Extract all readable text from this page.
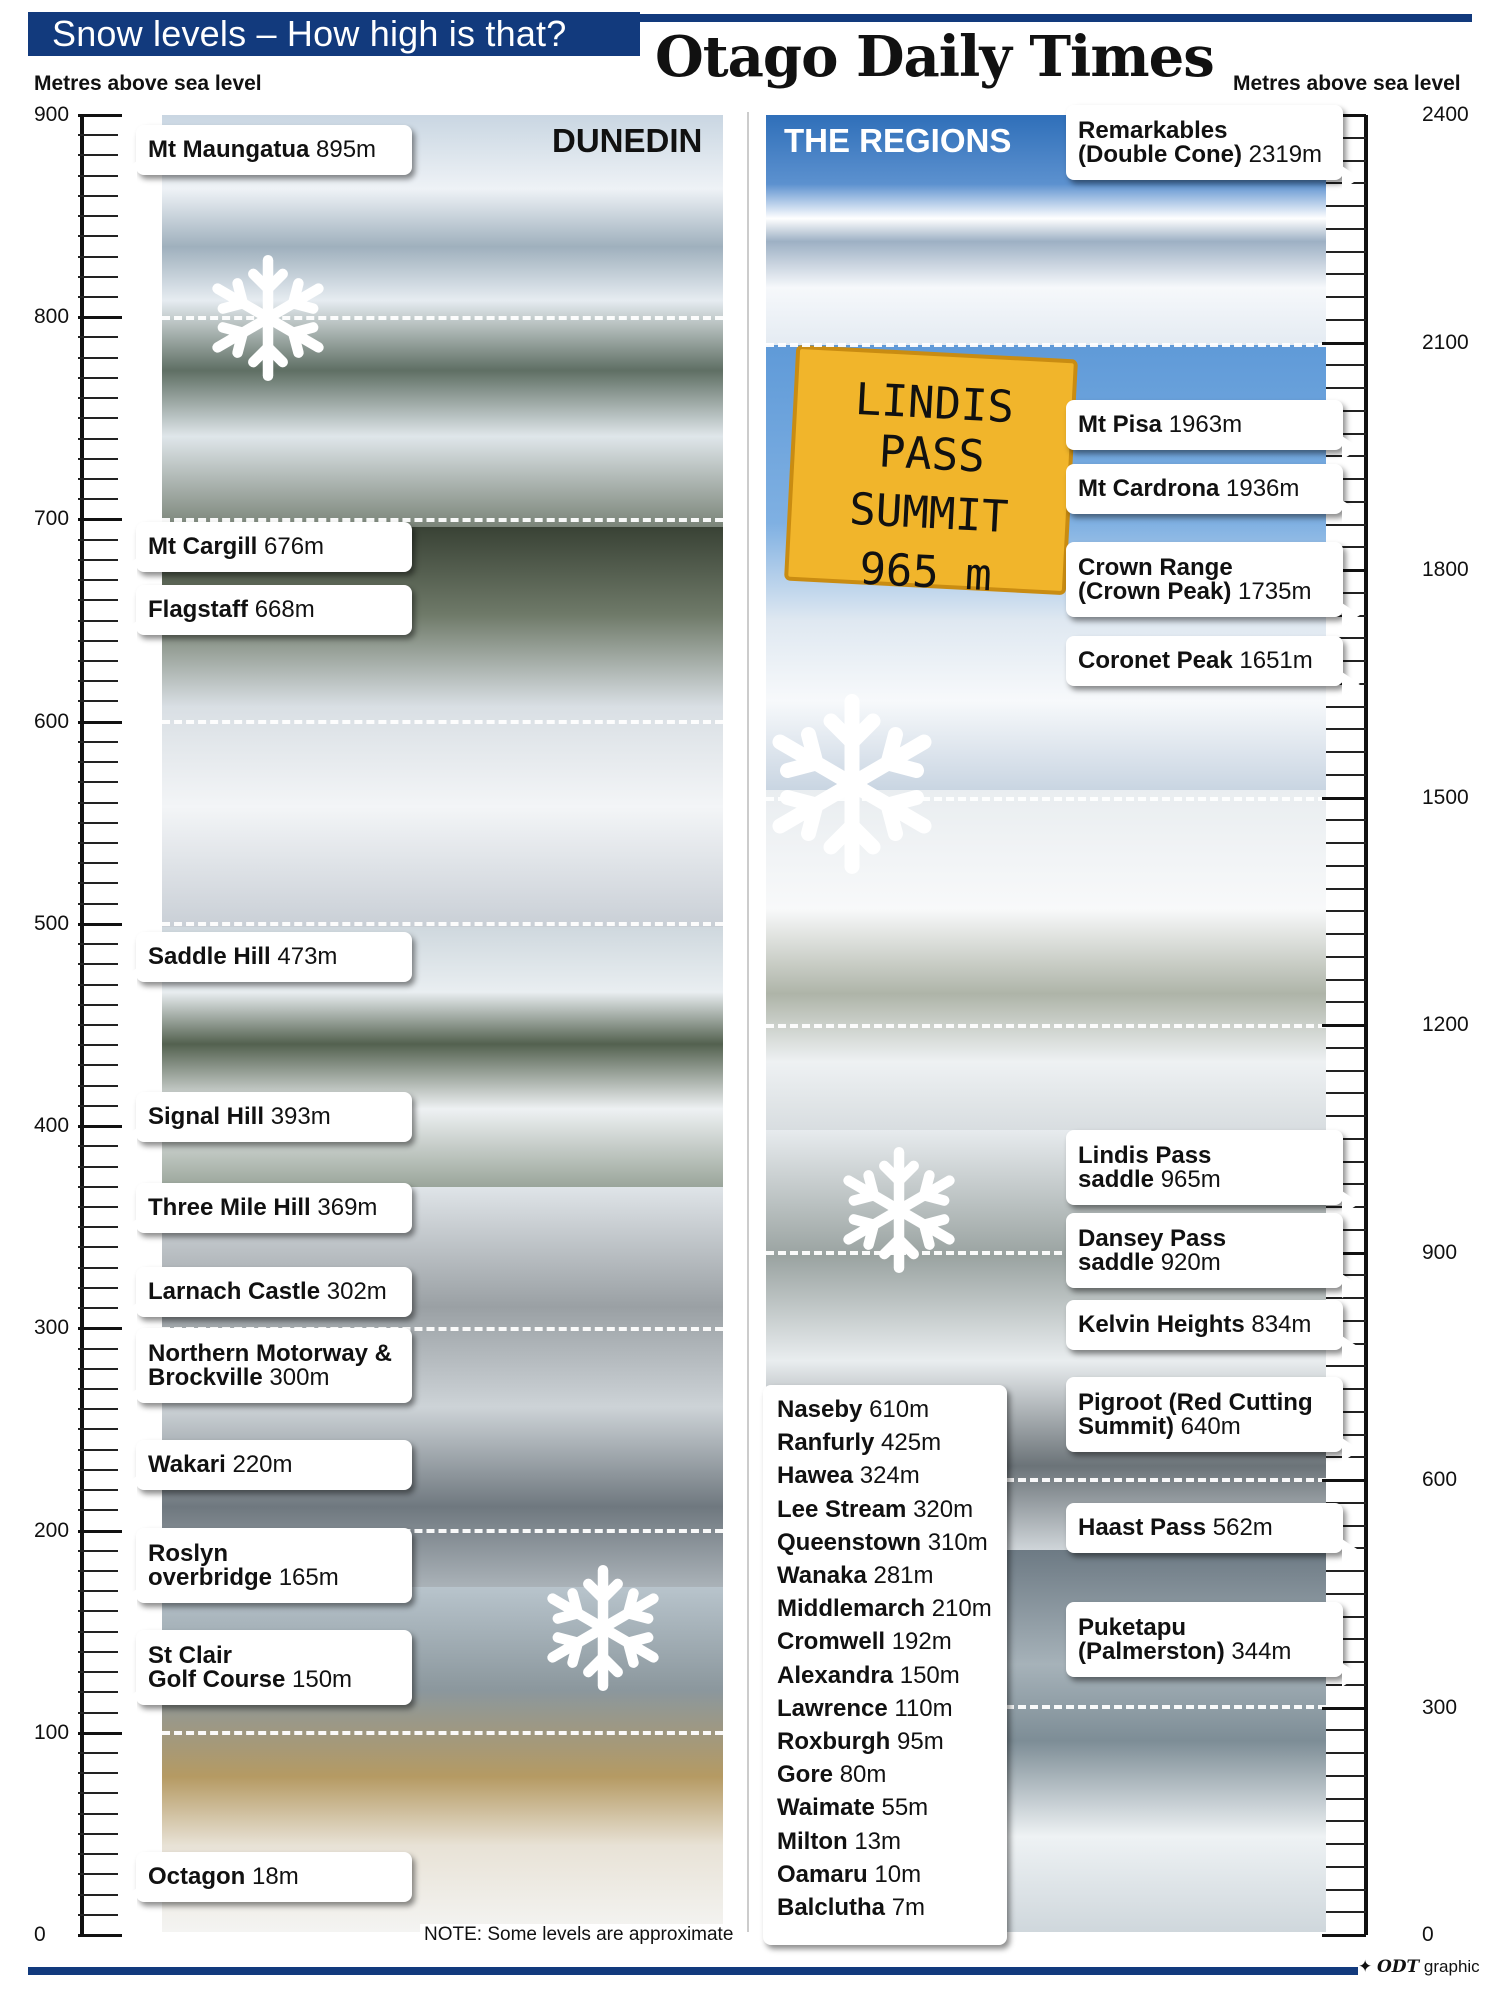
Snow levels – How high is that? Otago Daily Times
Metres above sea level	Metres above sea level
LINDIS PASS
SUMMIT
965 m
DUNEDIN THE REGIONS
0
100
200
300
400
500
600
700
800
900
0
300
600
900
1200
1500
1800
2100
2400
Mt Maungatua 895m
Mt Cargill 676m
Flagstaff 668m
Saddle Hill 473m
Signal Hill 393m
Three Mile Hill 369m
Larnach Castle 302m
Northern Motorway &
Brockville 300m
Wakari 220m
Roslyn
overbridge 165m
St Clair
Golf Course 150m
Octagon 18m
Remarkables
(Double Cone) 2319m
Mt Pisa 1963m
Mt Cardrona 1936m
Crown Range
(Crown Peak) 1735m
Coronet Peak 1651m
Lindis Pass
saddle 965m
Dansey Pass
saddle 920m
Kelvin Heights 834m
Pigroot (Red Cutting
Summit) 640m
Haast Pass 562m
Puketapu
(Palmerston) 344m
Naseby 610m
Ranfurly 425m
Hawea 324m
Lee Stream 320m
Queenstown 310m
Wanaka 281m
Middlemarch 210m
Cromwell 192m
Alexandra 150m
Lawrence 110m
Roxburgh 95m
Gore 80m
Waimate 55m
Milton 13m
Oamaru 10m
Balclutha 7m
NOTE: Some levels are approximate
✦ ODT graphic
